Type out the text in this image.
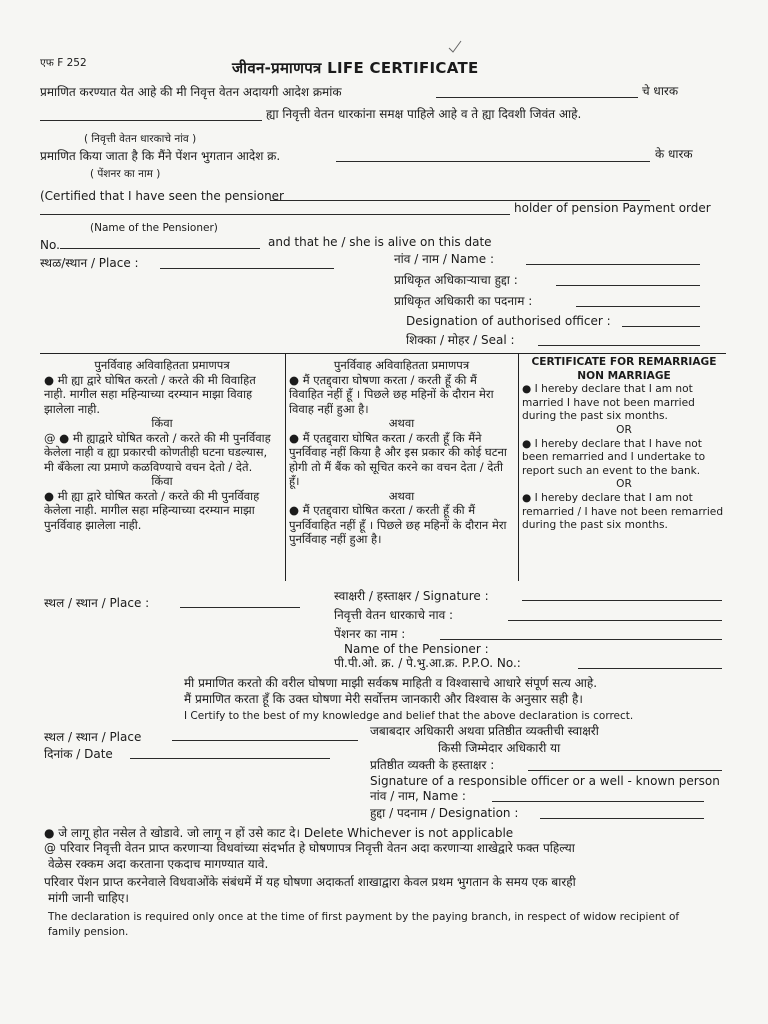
एफ F 252	जीवन-प्रमाणपत्र LIFE CERTIFICATE
प्रमाणित करण्यात येत आहे की मी निवृत्त वेतन अदायगी आदेश क्रमांक	चे धारक
ह्या निवृत्ती वेतन धारकांना समक्ष पाहिले आहे व ते ह्या दिवशी जिवंत आहे.
( निवृत्ती वेतन धारकाचे नांव )
प्रमाणित किया जाता है कि मैंने पेंशन भुगतान आदेश क्र.	के धारक
( पेंशनर का नाम )
(Certified that I have seen the pensioner
holder of pension Payment order
(Name of the Pensioner)
No.	and that he / she is alive on this date
स्थळ/स्थान / Place :	नांव / नाम / Name :
प्राधिकृत अधिकाऱ्याचा हुद्दा :
प्राधिकृत अधिकारी का पदनाम :
Designation of authorised officer :
शिक्का / मोहर / Seal :

पुनर्विवाह अविवाहितता प्रमाणपत्र

● मी ह्या द्वारे घोषित करतो / करते की मी विवाहित नाही. मागील सहा महिन्याच्या दरम्यान माझा विवाह झालेला नाही.

किंवा

@ ● मी ह्याद्वारे घोषित करतो / करते की मी पुनर्विवाह केलेला नाही व ह्या प्रकारची कोणतीही घटना घडल्यास, मी बँकेला त्या प्रमाणे कळविण्याचे वचन देतो / देते.

किंवा

● मी ह्या द्वारे घोषित करतो / करते की मी पुनर्विवाह केलेला नाही. मागील सहा महिन्याच्या दरम्यान माझा पुनर्विवाह झालेला नाही.

पुनर्विवाह अविवाहितता प्रमाणपत्र

● मैं एतद्द्वारा घोषणा करता / करती हूँ की मैं विवाहित नहीं हूँ । पिछले छह महिनों के दौरान मेरा विवाह नहीं हुआ है।

अथवा

● मैं एतद्द्वारा घोषित करता / करती हूँ कि मैंने पुनर्विवाह नहीं किया है और इस प्रकार की कोई घटना होगी तो मैं बैंक को सूचित करने का वचन देता / देती हूँ।

अथवा

● मैं एतद्द्वारा घोषित करता / करती हूँ की मैं पुनर्विवाहित नहीं हूँ । पिछले छह महिनों के दौरान मेरा पुनर्विवाह नहीं हुआ है।

CERTIFICATE FOR REMARRIAGE

NON MARRIAGE

● I hereby declare that I am not married I have not been married during the past six months.

OR

● I hereby declare that I have not been remarried and I undertake to report such an event to the bank.

OR

● I hereby declare that I am not remarried / I have not been remarried during the past six months.

स्थल / स्थान / Place :	स्वाक्षरी / हस्ताक्षर / Signature :
निवृत्ती वेतन धारकाचे नाव :
पेंशनर का नाम :
Name of the Pensioner :
पी.पी.ओ. क्र. / पे.भु.आ.क्र. P.P.O. No.:
मी प्रमाणित करतो की वरील घोषणा माझी सर्वकष माहिती व विश्वासाचे आधारे संपूर्ण सत्य आहे.
मैं प्रमाणित करता हूँ कि उक्त घोषणा मेरी सर्वोत्तम जानकारी और विश्वास के अनुसार सही है।
I Certify to the best of my knowledge and belief that the above declaration is correct.
स्थल / स्थान / Place
दिनांक / Date
जबाबदार अधिकारी अथवा प्रतिष्ठीत व्यक्तीची स्वाक्षरी
किसी जिम्मेदार अधिकारी या
प्रतिष्ठीत व्यक्ती के हस्ताक्षर :
Signature of a responsible officer or a well - known person
नांव / नाम, Name :
हुद्दा / पदनाम / Designation :
● जे लागू होत नसेल ते खोडावे. जो लागू न हों उसे काट दे। Delete Whichever is not applicable
@ परिवार निवृत्ती वेतन प्राप्त करणाऱ्या विधवांच्या संदर्भात हे घोषणापत्र निवृत्ती वेतन अदा करणाऱ्या शाखेद्वारे फक्त पहिल्या
वेळेस रक्कम अदा करताना एकदाच मागण्यात यावे.
परिवार पेंशन प्राप्त करनेवाले विधवाओंके संबंधमें में यह घोषणा अदाकर्ता शाखाद्वारा केवल प्रथम भुगतान के समय एक बारही
मांगी जानी चाहिए।
The declaration is required only once at the time of first payment by the paying branch, in respect of widow recipient of
family pension.
